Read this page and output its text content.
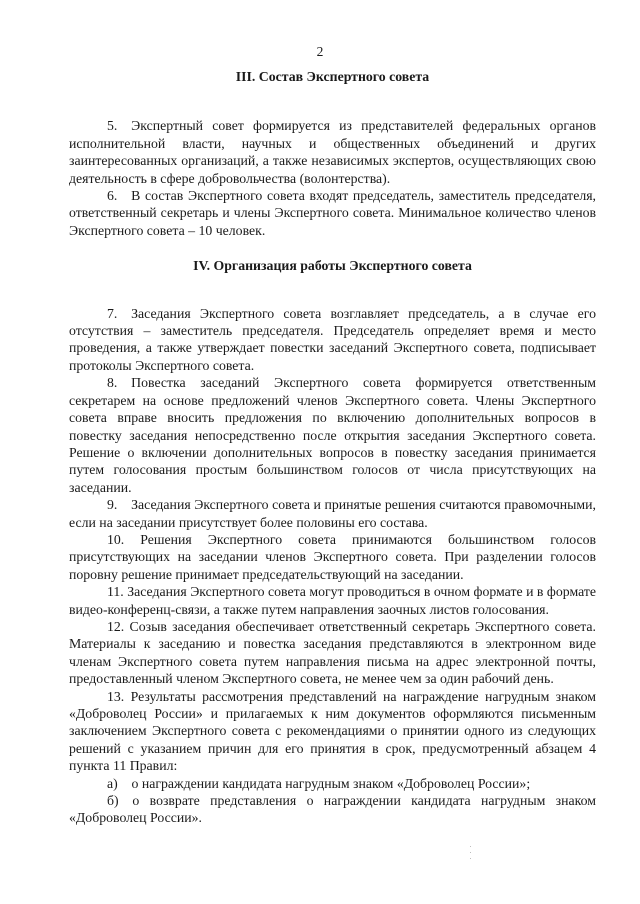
2

III. Состав Экспертного совета

5. Экспертный совет формируется из представителей федеральных органов исполнительной власти, научных и общественных объединений и других заинтересованных организаций, а также независимых экспертов, осуществляющих свою деятельность в сфере добровольчества (волонтерства).

6. В состав Экспертного совета входят председатель, заместитель председателя, ответственный секретарь и члены Экспертного совета. Минимальное количество членов Экспертного совета – 10 человек.

IV. Организация работы Экспертного совета

7. Заседания Экспертного совета возглавляет председатель, а в случае его отсутствия – заместитель председателя. Председатель определяет время и место проведения, а также утверждает повестки заседаний Экспертного совета, подписывает протоколы Экспертного совета.

8. Повестка заседаний Экспертного совета формируется ответственным секретарем на основе предложений членов Экспертного совета. Члены Экспертного совета вправе вносить предложения по включению дополнительных вопросов в повестку заседания непосредственно после открытия заседания Экспертного совета. Решение о включении дополнительных вопросов в повестку заседания принимается путем голосования простым большинством голосов от числа присутствующих на заседании.

9. Заседания Экспертного совета и принятые решения считаются правомочными, если на заседании присутствует более половины его состава.

10. Решения Экспертного совета принимаются большинством голосов присутствующих на заседании членов Экспертного совета. При разделении голосов поровну решение принимает председательствующий на заседании.

11. Заседания Экспертного совета могут проводиться в очном формате и в формате видео-конференц-связи, а также путем направления заочных листов голосования.

12. Созыв заседания обеспечивает ответственный секретарь Экспертного совета. Материалы к заседанию и повестка заседания представляются в электронном виде членам Экспертного совета путем направления письма на адрес электронной почты, предоставленный членом Экспертного совета, не менее чем за один рабочий день.

13. Результаты рассмотрения представлений на награждение нагрудным знаком «Доброволец России» и прилагаемых к ним документов оформляются письменным заключением Экспертного совета с рекомендациями о принятии одного из следующих решений с указанием причин для его принятия в срок, предусмотренный абзацем 4 пункта 11 Правил:

а) о награждении кандидата нагрудным знаком «Доброволец России»;

б) о возврате представления о награждении кандидата нагрудным знаком «Доброволец России».
